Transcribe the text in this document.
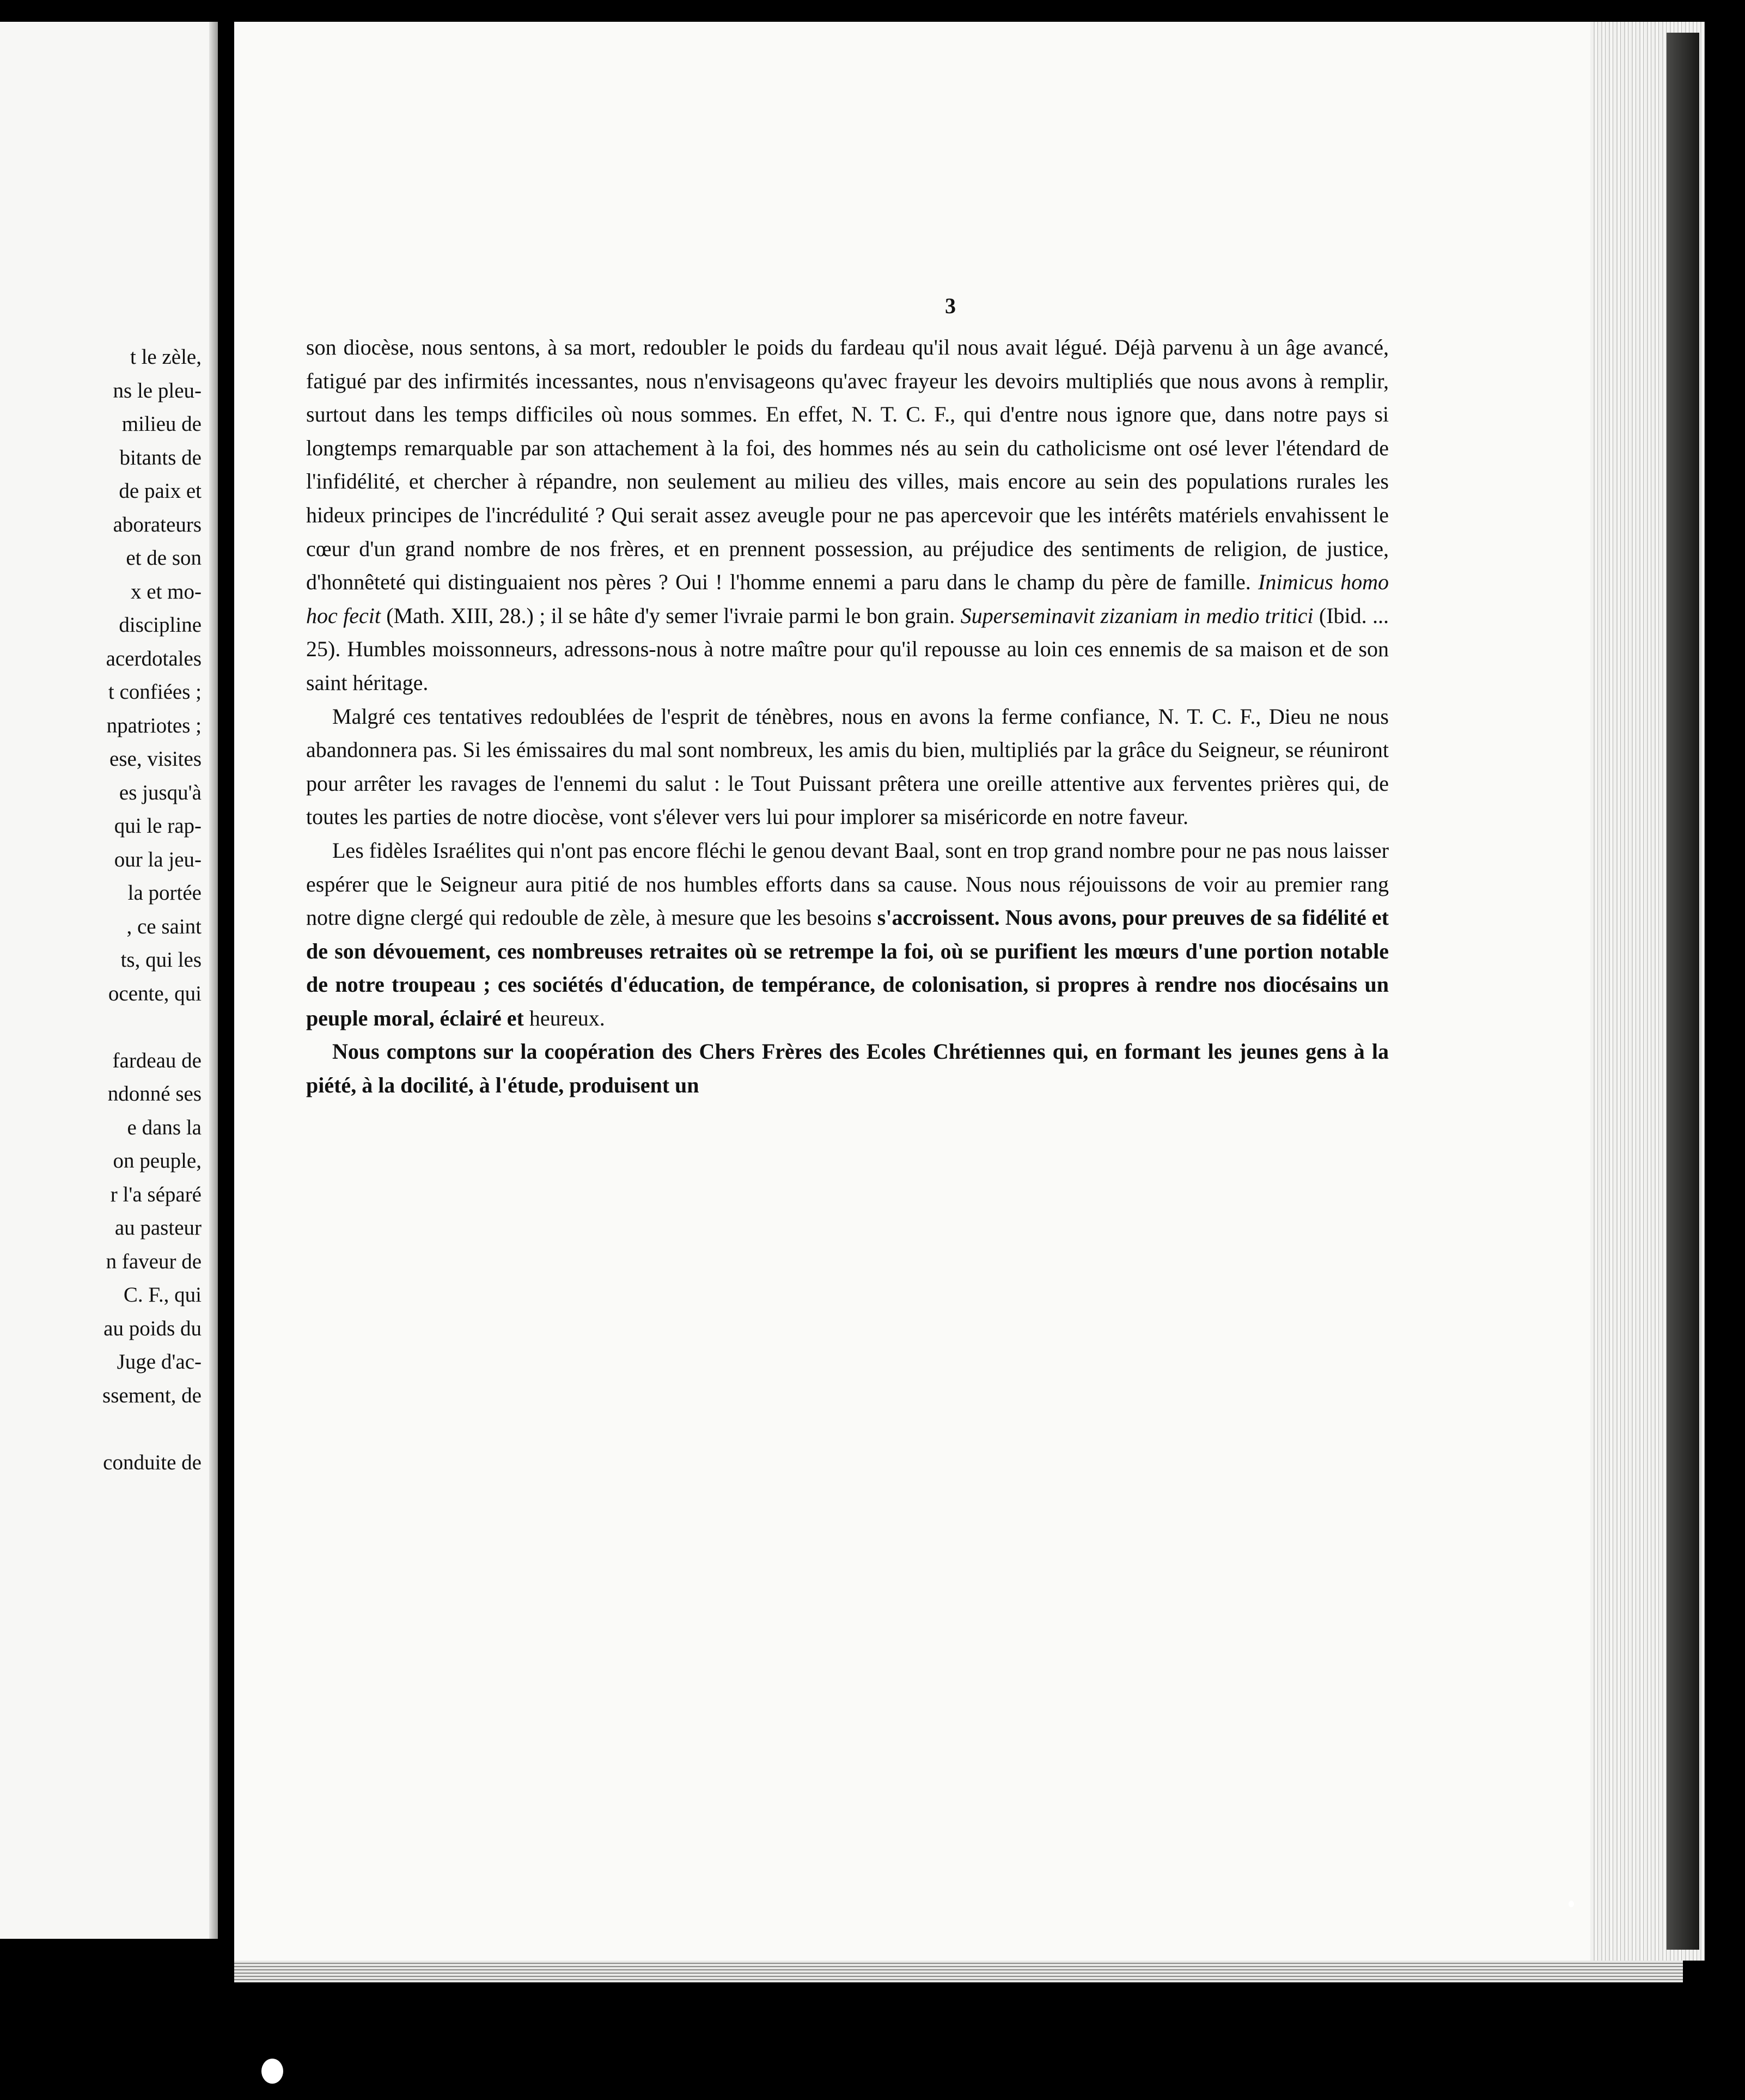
t le zèle,
ns le pleu-
milieu de
bitants de
de paix et
aborateurs
et de son
x et mo-
discipline
acerdotales
t confiées ;
npatriotes ;
ese, visites
es jusqu'à
qui le rap-
our la jeu-
la portée
, ce saint
ts, qui les
ocente, qui
fardeau de
ndonné ses
e dans la
on peuple,
r l'a séparé
au pasteur
n faveur de
C. F., qui
au poids du
Juge d'ac-
ssement, de
conduite de
3

son diocèse, nous sentons, à sa mort, redoubler le poids du fardeau qu'il nous avait légué. Déjà parvenu à un âge avancé, fatigué par des infirmités incessantes, nous n'envisageons qu'avec frayeur les devoirs multipliés que nous avons à remplir, surtout dans les temps difficiles où nous sommes. En effet, N. T. C. F., qui d'entre nous ignore que, dans notre pays si longtemps remarquable par son attachement à la foi, des hommes nés au sein du catholicisme ont osé lever l'étendard de l'infidélité, et chercher à répandre, non seulement au milieu des villes, mais encore au sein des populations rurales les hideux principes de l'incrédulité ? Qui serait assez aveugle pour ne pas apercevoir que les intérêts matériels envahissent le cœur d'un grand nombre de nos frères, et en prennent possession, au préjudice des sentiments de religion, de justice, d'honnêteté qui distinguaient nos pères ? Oui ! l'homme ennemi a paru dans le champ du père de famille. Inimicus homo hoc fecit (Math. XIII, 28.) ; il se hâte d'y semer l'ivraie parmi le bon grain. Superseminavit zizaniam in medio tritici (Ibid. ... 25). Humbles moissonneurs, adressons-nous à notre maître pour qu'il repousse au loin ces ennemis de sa maison et de son saint héritage.

Malgré ces tentatives redoublées de l'esprit de ténèbres, nous en avons la ferme confiance, N. T. C. F., Dieu ne nous abandonnera pas. Si les émissaires du mal sont nombreux, les amis du bien, multipliés par la grâce du Seigneur, se réuniront pour arrêter les ravages de l'ennemi du salut : le Tout Puissant prêtera une oreille attentive aux ferventes prières qui, de toutes les parties de notre diocèse, vont s'élever vers lui pour implorer sa miséricorde en notre faveur.

Les fidèles Israélites qui n'ont pas encore fléchi le genou devant Baal, sont en trop grand nombre pour ne pas nous laisser espérer que le Seigneur aura pitié de nos humbles efforts dans sa cause. Nous nous réjouissons de voir au premier rang notre digne clergé qui redouble de zèle, à mesure que les besoins s'accroissent. Nous avons, pour preuves de sa fidélité et de son dévouement, ces nombreuses retraites où se retrempe la foi, où se purifient les mœurs d'une portion notable de notre troupeau ; ces sociétés d'éducation, de tempérance, de colonisation, si propres à rendre nos diocésains un peuple moral, éclairé et heureux.

Nous comptons sur la coopération des Chers Frères des Ecoles Chrétiennes qui, en formant les jeunes gens à la piété, à la docilité, à l'étude, produisent un
